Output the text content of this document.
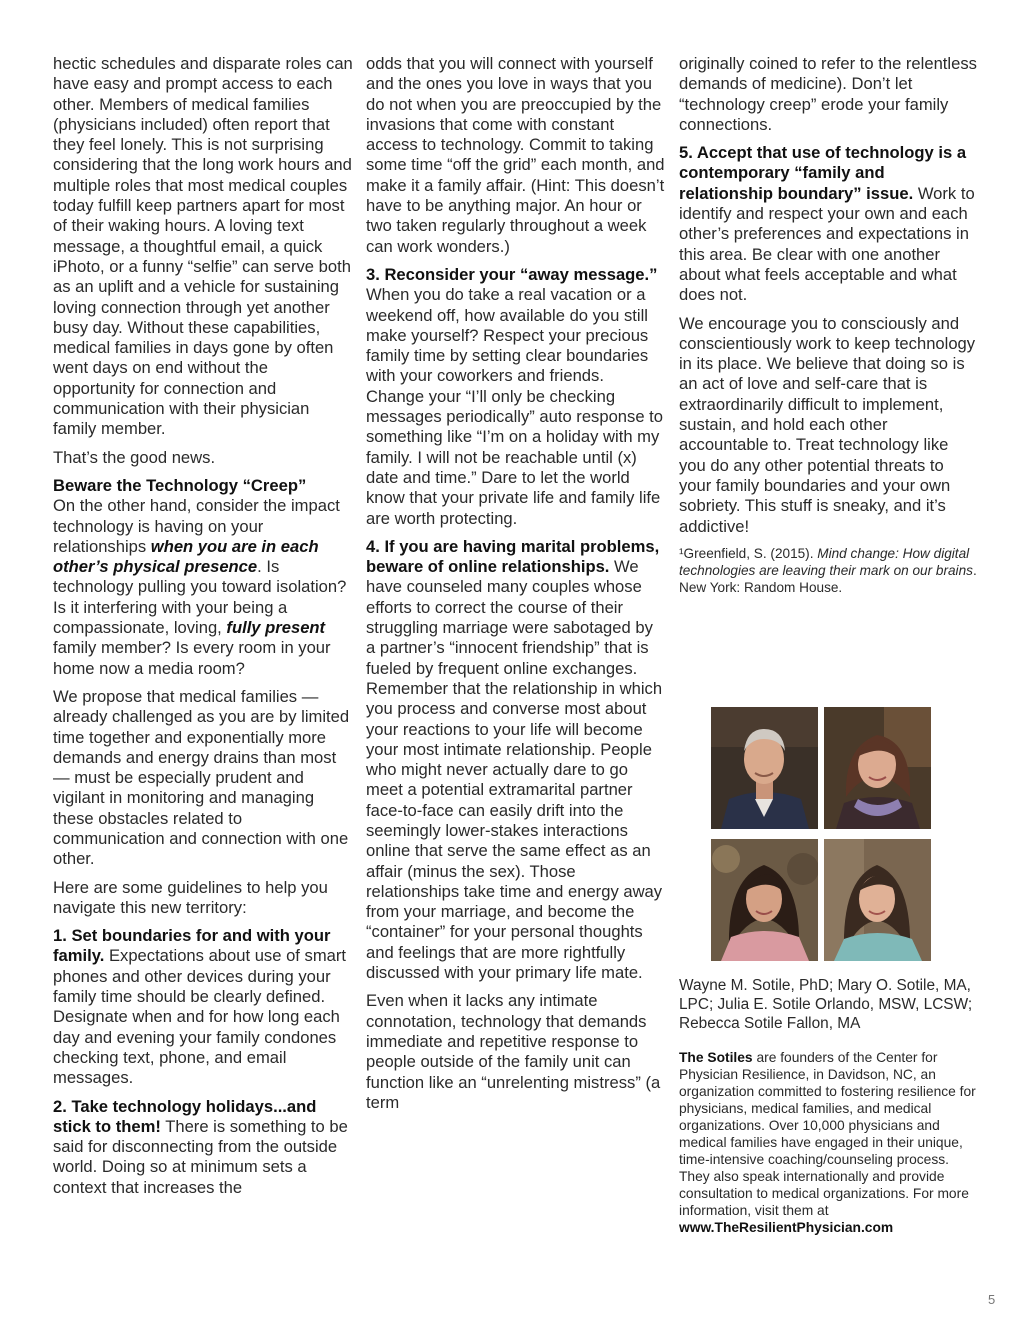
hectic schedules and disparate roles can have easy and prompt access to each other. Members of medical families (physicians included) often report that they feel lonely. This is not surprising considering that the long work hours and multiple roles that most medical couples today fulfill keep partners apart for most of their waking hours. A loving text message, a thoughtful email, a quick iPhoto, or a funny “selfie” can serve both as an uplift and a vehicle for sustaining loving connection through yet another busy day. Without these capabilities, medical families in days gone by often went days on end without the opportunity for connection and communication with their physician family member.

That’s the good news.

Beware the Technology “Creep”
On the other hand, consider the impact technology is having on your relationships when you are in each other’s physical presence. Is technology pulling you toward isolation? Is it interfering with your being a compassionate, loving, fully present family member? Is every room in your home now a media room?

We propose that medical families — already challenged as you are by limited time together and exponentially more demands and energy drains than most — must be especially prudent and vigilant in monitoring and managing these obstacles related to communication and connection with one other.

Here are some guidelines to help you navigate this new territory:

1. Set boundaries for and with your family. Expectations about use of smart phones and other devices during your family time should be clearly defined. Designate when and for how long each day and evening your family condones checking text, phone, and email messages.

2. Take technology holidays...and stick to them! There is something to be said for disconnecting from the outside world. Doing so at minimum sets a context that increases the

odds that you will connect with yourself and the ones you love in ways that you do not when you are preoccupied by the invasions that come with constant access to technology. Commit to taking some time “off the grid” each month, and make it a family affair. (Hint: This doesn’t have to be anything major. An hour or two taken regularly throughout a week can work wonders.)

3. Reconsider your “away message.” When you do take a real vacation or a weekend off, how available do you still make yourself? Respect your precious family time by setting clear boundaries with your coworkers and friends. Change your “I’ll only be checking messages periodically” auto response to something like “I’m on a holiday with my family. I will not be reachable until (x) date and time.” Dare to let the world know that your private life and family life are worth protecting.

4. If you are having marital problems, beware of online relationships. We have counseled many couples whose efforts to correct the course of their struggling marriage were sabotaged by a partner’s “innocent friendship” that is fueled by frequent online exchanges. Remember that the relationship in which you process and converse most about your reactions to your life will become your most intimate relationship. People who might never actually dare to go meet a potential extramarital partner face-to-face can easily drift into the seemingly lower-stakes interactions online that serve the same effect as an affair (minus the sex). Those relationships take time and energy away from your marriage, and become the “container” for your personal thoughts and feelings that are more rightfully discussed with your primary life mate.

Even when it lacks any intimate connotation, technology that demands immediate and repetitive response to people outside of the family unit can function like an “unrelenting mistress” (a term

originally coined to refer to the relentless demands of medicine). Don’t let “technology creep” erode your family connections.

5. Accept that use of technology is a contemporary “family and relationship boundary” issue. Work to identify and respect your own and each other’s preferences and expectations in this area. Be clear with one another about what feels acceptable and what does not.

We encourage you to consciously and conscientiously work to keep technology in its place. We believe that doing so is an act of love and self-care that is extraordinarily difficult to implement, sustain, and hold each other accountable to. Treat technology like you do any other potential threats to your family boundaries and your own sobriety. This stuff is sneaky, and it’s addictive!

¹Greenfield, S. (2015). Mind change: How digital technologies are leaving their mark on our brains. New York: Random House.

Wayne M. Sotile, PhD; Mary O. Sotile, MA, LPC; Julia E. Sotile Orlando, MSW, LCSW; Rebecca Sotile Fallon, MA
The Sotiles are founders of the Center for Physician Resilience, in Davidson, NC, an organization committed to fostering resilience for physicians, medical families, and medical organizations. Over 10,000 physicians and medical families have engaged in their unique, time-intensive coaching/counseling process. They also speak internationally and provide consultation to medical organizations. For more information, visit them at
www.TheResilientPhysician.com
5
